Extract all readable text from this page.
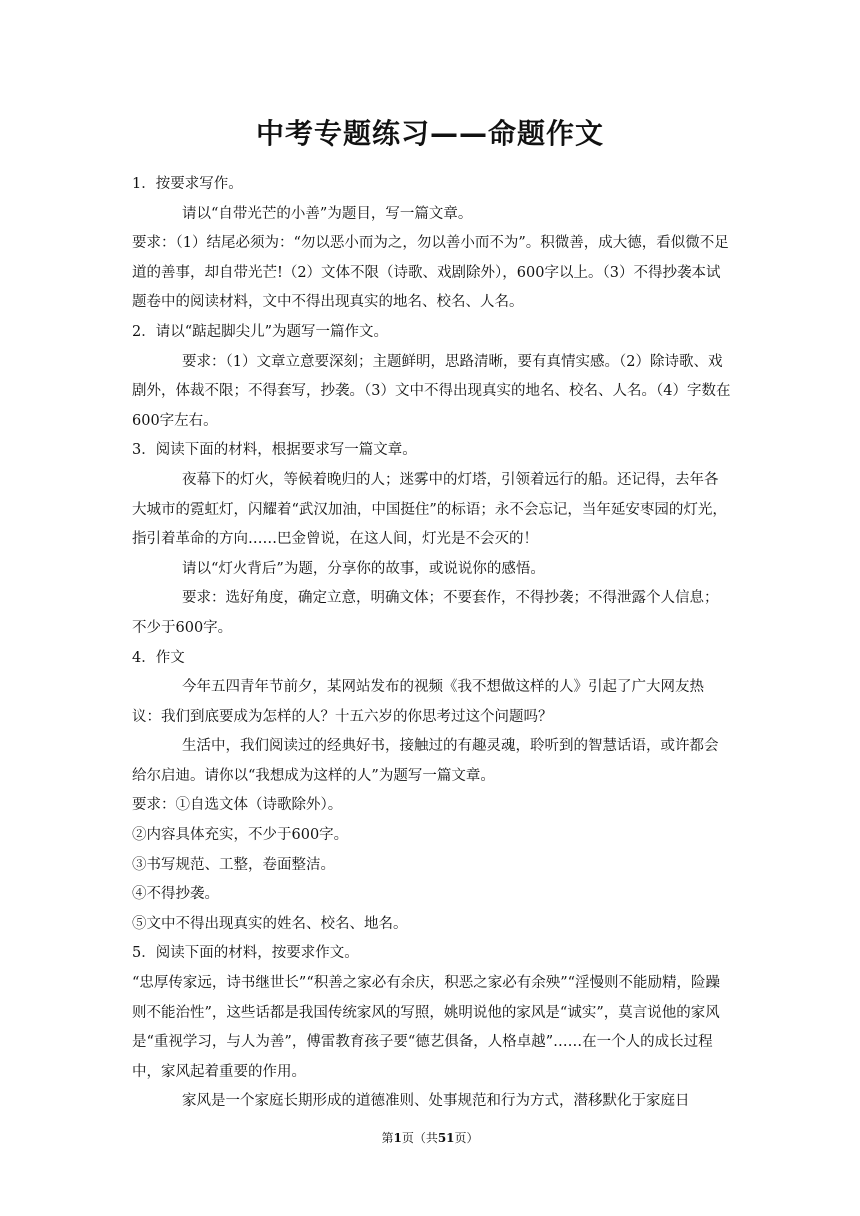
中考专题练习——命题作文

1．按要求写作。

请以“自带光芒的小善”为题目，写一篇文章。

要求：（1）结尾必须为：“勿以恶小而为之，勿以善小而不为”。积微善，成大德，看似微不足道的善事，却自带光芒!（2）文体不限（诗歌、戏剧除外），600字以上。（3）不得抄袭本试题卷中的阅读材料，文中不得出现真实的地名、校名、人名。

2．请以“踮起脚尖儿”为题写一篇作文。

要求：（1）文章立意要深刻；主题鲜明，思路清晰，要有真情实感。（2）除诗歌、戏剧外，体裁不限；不得套写，抄袭。（3）文中不得出现真实的地名、校名、人名。（4）字数在600字左右。

3．阅读下面的材料，根据要求写一篇文章。

夜幕下的灯火，等候着晚归的人；迷雾中的灯塔，引领着远行的船。还记得，去年各大城市的霓虹灯，闪耀着“武汉加油，中国挺住”的标语；永不会忘记，当年延安枣园的灯光，指引着革命的方向……巴金曾说，在这人间，灯光是不会灭的！

请以“灯火背后”为题，分享你的故事，或说说你的感悟。

要求：选好角度，确定立意，明确文体；不要套作，不得抄袭；不得泄露个人信息；不少于600字。

4．作文

今年五四青年节前夕，某网站发布的视频《我不想做这样的人》引起了广大网友热议：我们到底要成为怎样的人？十五六岁的你思考过这个问题吗？

生活中，我们阅读过的经典好书，接触过的有趣灵魂，聆听到的智慧话语，或许都会给尔启迪。请你以“我想成为这样的人”为题写一篇文章。

要求：①自选文体（诗歌除外）。

②内容具体充实，不少于600字。

③书写规范、工整，卷面整洁。

④不得抄袭。

⑤文中不得出现真实的姓名、校名、地名。

5．阅读下面的材料，按要求作文。

“忠厚传家远，诗书继世长”“积善之家必有余庆，积恶之家必有余殃”“淫慢则不能励精，险躁则不能治性”，这些话都是我国传统家风的写照，姚明说他的家风是“诚实”，莫言说他的家风是“重视学习，与人为善”，傅雷教育孩子要“德艺俱备，人格卓越”……在一个人的成长过程中，家风起着重要的作用。

家风是一个家庭长期形成的道德准则、处事规范和行为方式，潜移默化于家庭日

第1页（共51页）
